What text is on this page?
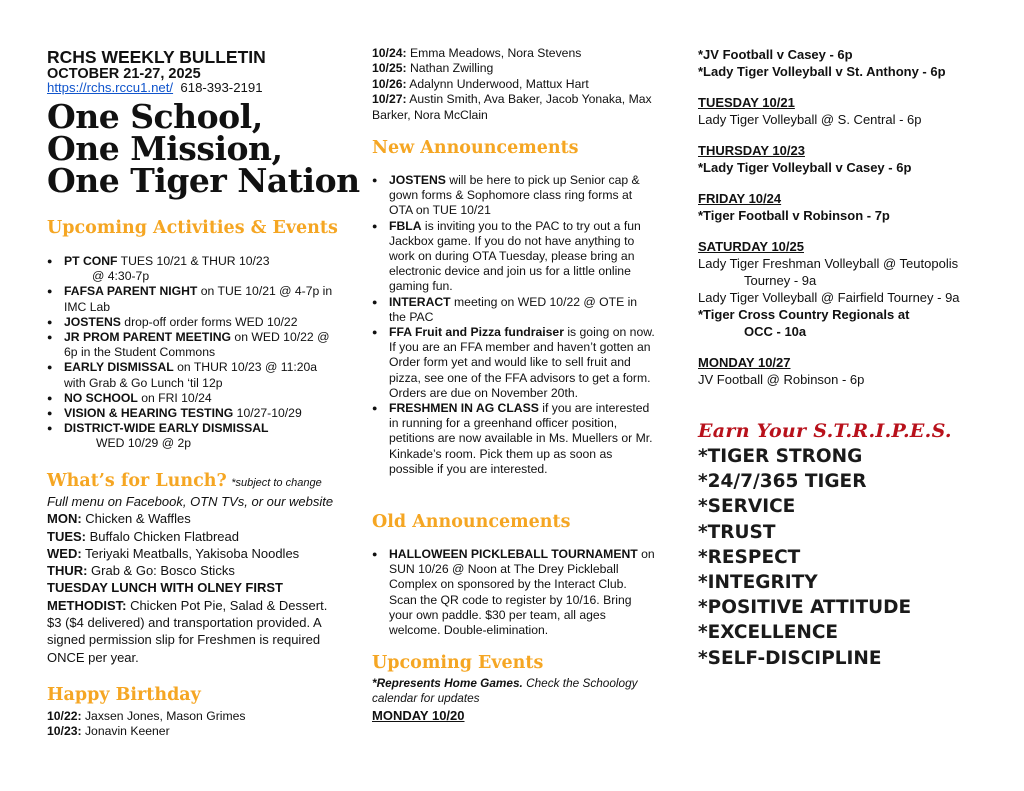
RCHS WEEKLY BULLETIN
OCTOBER 21-27, 2025
https://rchs.rccu1.net/ 618-393-2191
One School,
One Mission,
One Tiger Nation
Upcoming Activities & Events
● PT CONF TUES 10/21 & THUR 10/23
@ 4:30-7p
● FAFSA PARENT NIGHT on TUE 10/21 @ 4-7p in IMC Lab
● JOSTENS drop-off order forms WED 10/22
● JR PROM PARENT MEETING on WED 10/22 @ 6p in the Student Commons
● EARLY DISMISSAL on THUR 10/23 @ 11:20a with Grab & Go Lunch ‘til 12p
● NO SCHOOL on FRI 10/24
● VISION & HEARING TESTING 10/27-10/29
● DISTRICT-WIDE EARLY DISMISSAL
WED 10/29 @ 2p
What’s for Lunch? *subject to change
Full menu on Facebook, OTN TVs, or our website
MON: Chicken & Waffles
TUES: Buffalo Chicken Flatbread
WED: Teriyaki Meatballs, Yakisoba Noodles
THUR: Grab & Go: Bosco Sticks
TUESDAY LUNCH WITH OLNEY FIRST METHODIST: Chicken Pot Pie, Salad & Dessert. $3 ($4 delivered) and transportation provided. A signed permission slip for Freshmen is required ONCE per year.
Happy Birthday
10/22: Jaxsen Jones, Mason Grimes
10/23: Jonavin Keener
10/24: Emma Meadows, Nora Stevens
10/25: Nathan Zwilling
10/26: Adalynn Underwood, Mattux Hart
10/27: Austin Smith, Ava Baker, Jacob Yonaka, Max Barker, Nora McClain
New Announcements
● JOSTENS will be here to pick up Senior cap & gown forms & Sophomore class ring forms at OTA on TUE 10/21
● FBLA is inviting you to the PAC to try out a fun Jackbox game. If you do not have anything to work on during OTA Tuesday, please bring an electronic device and join us for a little online gaming fun.
● INTERACT meeting on WED 10/22 @ OTE in the PAC
● FFA Fruit and Pizza fundraiser is going on now. If you are an FFA member and haven’t gotten an Order form yet and would like to sell fruit and pizza, see one of the FFA advisors to get a form. Orders are due on November 20th.
● FRESHMEN IN AG CLASS if you are interested in running for a greenhand officer position, petitions are now available in Ms. Muellers or Mr. Kinkade’s room. Pick them up as soon as possible if you are interested.
Old Announcements
● HALLOWEEN PICKLEBALL TOURNAMENT on SUN 10/26 @ Noon at The Drey Pickleball Complex on sponsored by the Interact Club. Scan the QR code to register by 10/16. Bring your own paddle. $30 per team, all ages welcome. Double-elimination.
Upcoming Events
*Represents Home Games. Check the Schoology calendar for updates
MONDAY 10/20
*JV Football v Casey - 6p
*Lady Tiger Volleyball v St. Anthony - 6p
TUESDAY 10/21
Lady Tiger Volleyball @ S. Central - 6p
THURSDAY 10/23
*Lady Tiger Volleyball v Casey - 6p
FRIDAY 10/24
*Tiger Football v Robinson - 7p
SATURDAY 10/25
Lady Tiger Freshman Volleyball @ Teutopolis
Tourney - 9a
Lady Tiger Volleyball @ Fairfield Tourney - 9a
*Tiger Cross Country Regionals at
OCC - 10a
MONDAY 10/27
JV Football @ Robinson - 6p
Earn Your S.T.R.I.P.E.S.
*TIGER STRONG
*24/7/365 TIGER
*SERVICE
*TRUST
*RESPECT
*INTEGRITY
*POSITIVE ATTITUDE
*EXCELLENCE
*SELF-DISCIPLINE
